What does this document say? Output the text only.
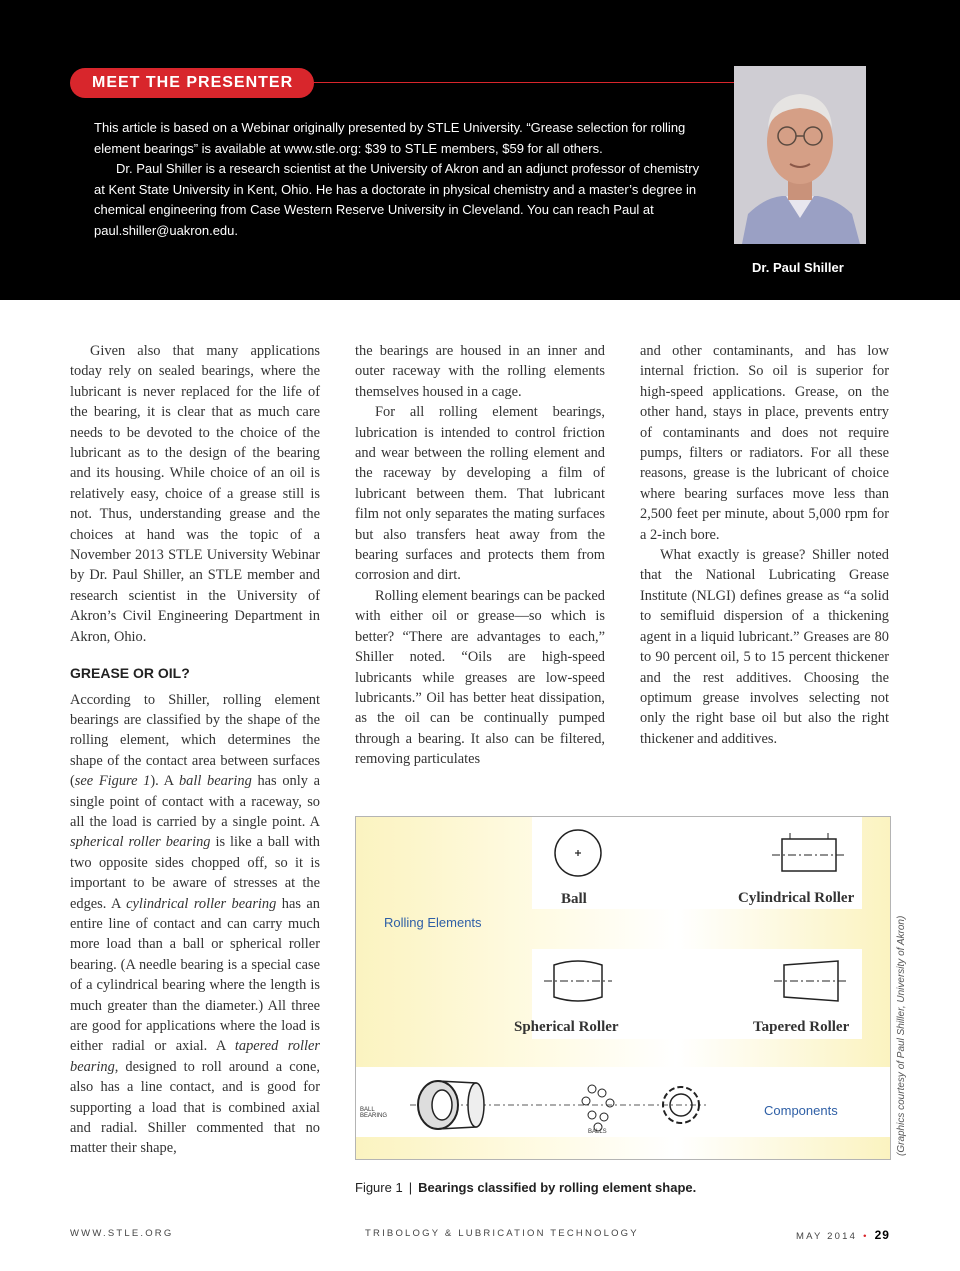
MEET THE PRESENTER

This article is based on a Webinar originally presented by STLE University. “Grease selection for rolling element bearings” is available at www.stle.org: $39 to STLE members, $59 for all others.

Dr. Paul Shiller is a research scientist at the University of Akron and an adjunct professor of chemistry at Kent State University in Kent, Ohio. He has a doctorate in physical chemistry and a master’s degree in chemical engineering from Case Western Reserve University in Cleveland. You can reach Paul at paul.shiller@uakron.edu.

Dr. Paul Shiller

Given also that many applications today rely on sealed bearings, where the lubricant is never replaced for the life of the bearing, it is clear that as much care needs to be devoted to the choice of the lubricant as to the design of the bearing and its housing. While choice of an oil is relatively easy, choice of a grease still is not. Thus, understanding grease and the choices at hand was the topic of a November 2013 STLE University Webinar by Dr. Paul Shiller, an STLE member and research scientist in the University of Akron’s Civil Engineering Department in Akron, Ohio.

GREASE OR OIL?

According to Shiller, rolling element bearings are classified by the shape of the rolling element, which determines the shape of the contact area between surfaces (see Figure 1). A ball bearing has only a single point of contact with a raceway, so all the load is carried by a single point. A spherical roller bearing is like a ball with two opposite sides chopped off, so it is important to be aware of stresses at the edges. A cylindrical roller bearing has an entire line of contact and can carry much more load than a ball or spherical roller bearing. (A needle bearing is a special case of a cylindrical bearing where the length is much greater than the diameter.) All three are good for applications where the load is either radial or axial. A tapered roller bearing, designed to roll around a cone, also has a line contact, and is good for supporting a load that is combined axial and radial. Shiller commented that no matter their shape,

the bearings are housed in an inner and outer raceway with the rolling elements themselves housed in a cage.

For all rolling element bearings, lubrication is intended to control friction and wear between the rolling element and the raceway by developing a film of lubricant between them. That lubricant film not only separates the mating surfaces but also transfers heat away from the bearing surfaces and protects them from corrosion and dirt.

Rolling element bearings can be packed with either oil or grease—so which is better? “There are advantages to each,” Shiller noted. “Oils are high-speed lubricants while greases are low-speed lubricants.” Oil has better heat dissipation, as the oil can be continually pumped through a bearing. It also can be filtered, removing particulates

and other contaminants, and has low internal friction. So oil is superior for high-speed applications. Grease, on the other hand, stays in place, prevents entry of contaminants and does not require pumps, filters or radiators. For all these reasons, grease is the lubricant of choice where bearing surfaces move less than 2,500 feet per minute, about 5,000 rpm for a 2-inch bore.

What exactly is grease? Shiller noted that the National Lubricating Grease Institute (NLGI) defines grease as “a solid to semifluid dispersion of a thickening agent in a liquid lubricant.” Greases are 80 to 90 percent oil, 5 to 15 percent thickener and the rest additives. Choosing the optimum grease involves selecting not only the right base oil but also the right thickener and additives.

Ball	Cylindrical Roller
Rolling Elements
Spherical Roller	Tapered Roller
Components
BALL BEARING
BALLS	(Graphics courtesy of Paul Shiller, University of Akron)
Figure 1 | Bearings classified by rolling element shape.
WWW.STLE.ORG	TRIBOLOGY & LUBRICATION TECHNOLOGY	MAY 2014 • 29
